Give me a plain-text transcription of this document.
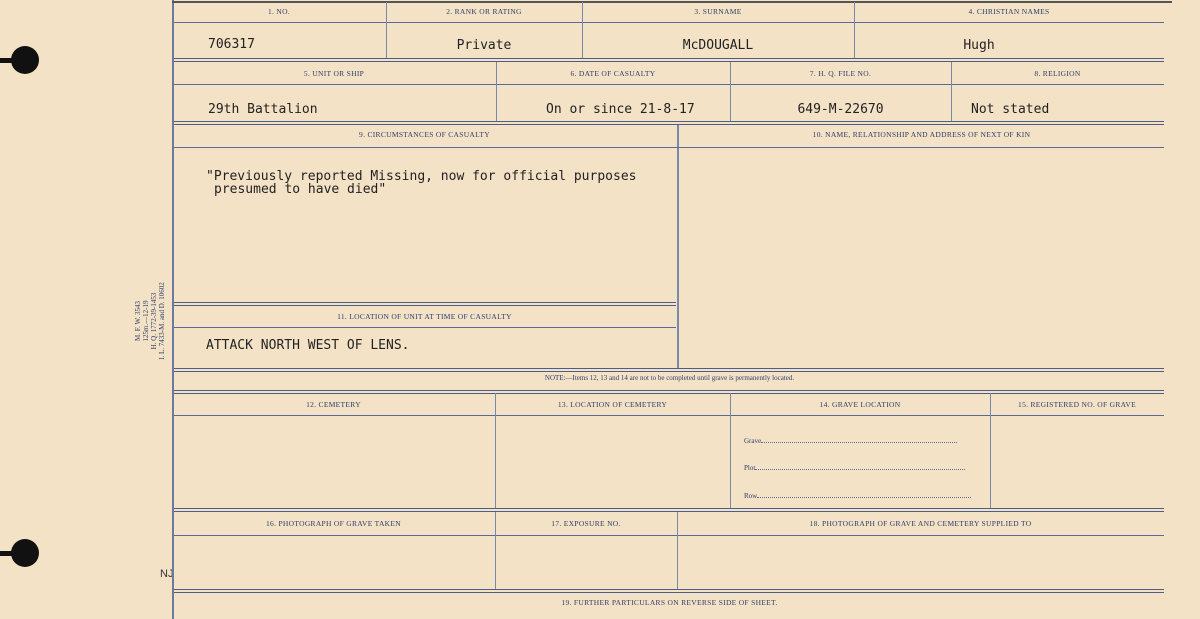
M. F. W. 3543 125m.—12-19 H. Q. 1772-39-1453 I. L. 7433-M. and D. 10602
NJ
1. NO.	2. RANK OR RATING	3. SURNAME	4. CHRISTIAN NAMES
706317	Private	McDOUGALL	Hugh
5. UNIT OR SHIP	6. DATE OF CASUALTY	7. H. Q. FILE NO.	8. RELIGION
29th Battalion	On or since 21-8-17	649-M-22670	Not stated
9. CIRCUMSTANCES OF CASUALTY	10. NAME, RELATIONSHIP AND ADDRESS OF NEXT OF KIN
"Previously reported Missing, now for official purposes
presumed to have died"
11. LOCATION OF UNIT AT TIME OF CASUALTY
ATTACK NORTH WEST OF LENS.
NOTE:—Items 12, 13 and 14 are not to be completed until grave is permanently located.
12. CEMETERY	13. LOCATION OF CEMETERY	14. GRAVE LOCATION	15. REGISTERED NO. OF GRAVE
Grave
Plot
Row
16. PHOTOGRAPH OF GRAVE TAKEN	17. EXPOSURE NO.	18. PHOTOGRAPH OF GRAVE AND CEMETERY SUPPLIED TO
19. FURTHER PARTICULARS ON REVERSE SIDE OF SHEET.
